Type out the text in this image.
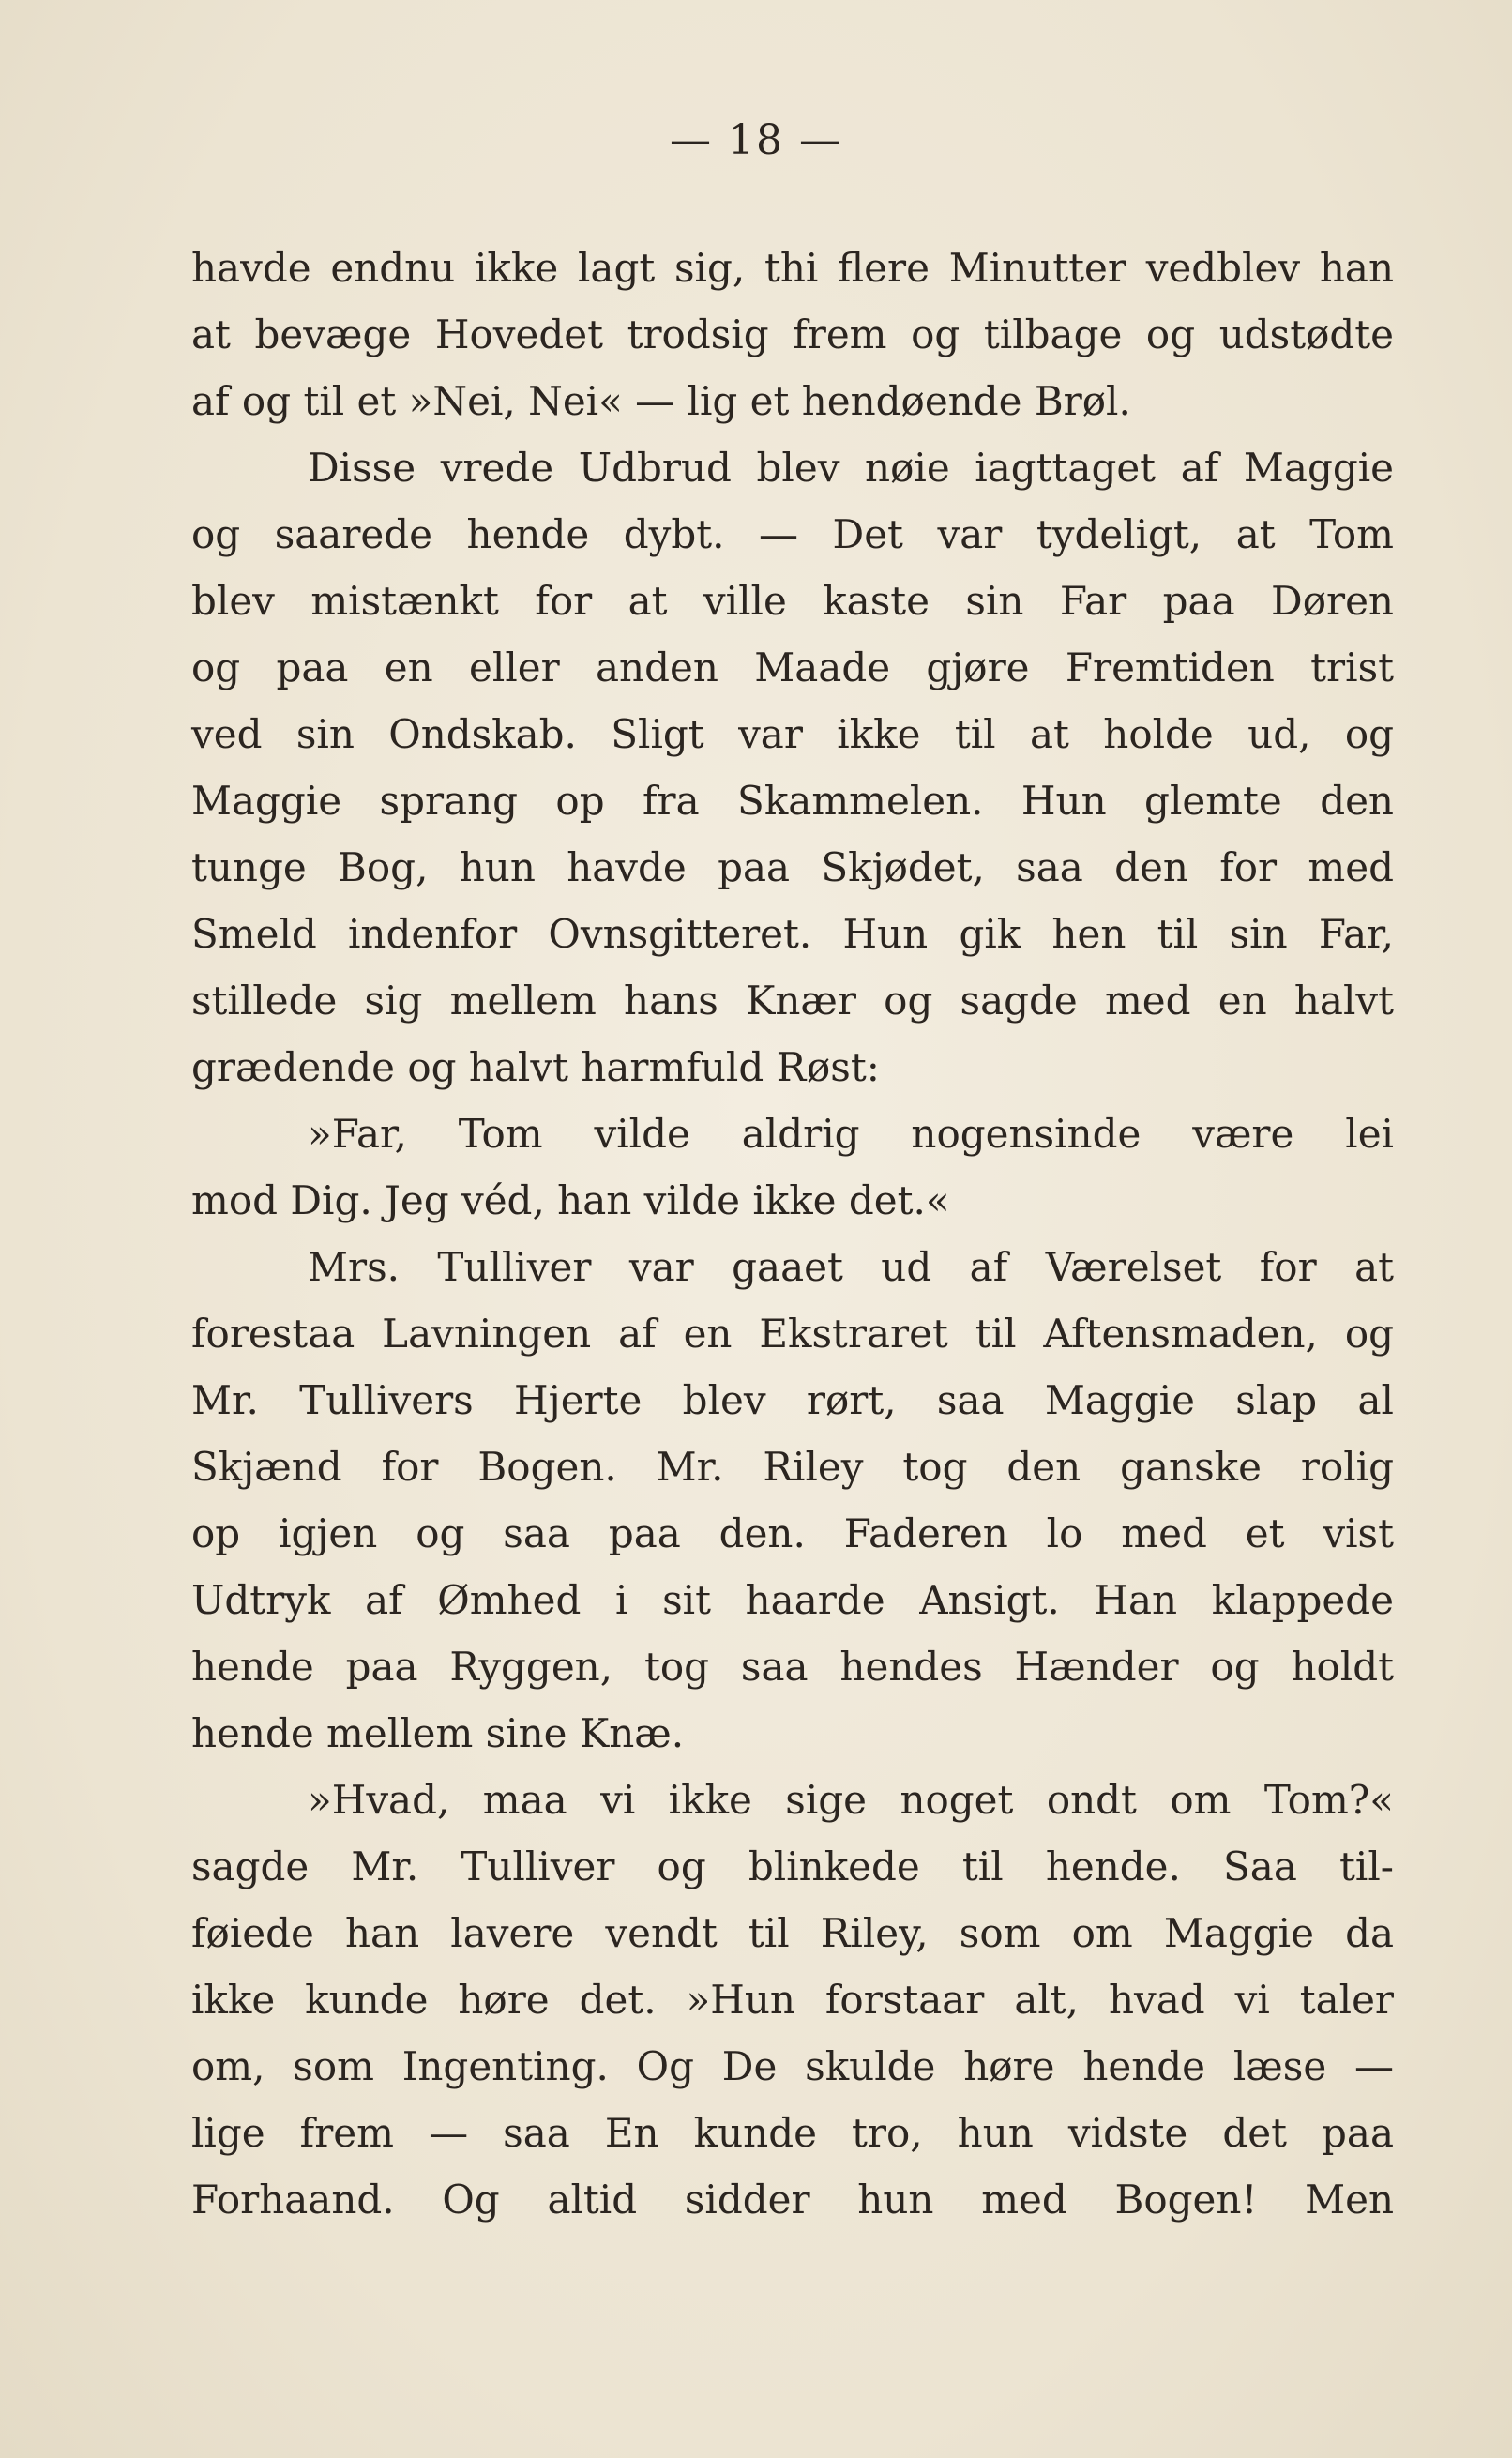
— 18 —
havde endnu ikke lagt sig, thi flere Minutter vedblev han
at bevæge Hovedet trodsig frem og tilbage og udstødte
af og til et »Nei, Nei« — lig et hendøende Brøl.
Disse vrede Udbrud blev nøie iagttaget af Maggie
og saarede hende dybt. — Det var tydeligt, at Tom
blev mistænkt for at ville kaste sin Far paa Døren
og paa en eller anden Maade gjøre Fremtiden trist
ved sin Ondskab. Sligt var ikke til at holde ud, og
Maggie sprang op fra Skammelen. Hun glemte den
tunge Bog, hun havde paa Skjødet, saa den for med
Smeld indenfor Ovnsgitteret. Hun gik hen til sin Far,
stillede sig mellem hans Knær og sagde med en halvt
grædende og halvt harmfuld Røst:
»Far, Tom vilde aldrig nogensinde være lei
mod Dig. Jeg véd, han vilde ikke det.«
Mrs. Tulliver var gaaet ud af Værelset for at
forestaa Lavningen af en Ekstraret til Aftensmaden, og
Mr. Tullivers Hjerte blev rørt, saa Maggie slap al
Skjænd for Bogen. Mr. Riley tog den ganske rolig
op igjen og saa paa den. Faderen lo med et vist
Udtryk af Ømhed i sit haarde Ansigt. Han klappede
hende paa Ryggen, tog saa hendes Hænder og holdt
hende mellem sine Knæ.
»Hvad, maa vi ikke sige noget ondt om Tom?«
sagde Mr. Tulliver og blinkede til hende. Saa til-
føiede han lavere vendt til Riley, som om Maggie da
ikke kunde høre det. »Hun forstaar alt, hvad vi taler
om, som Ingenting. Og De skulde høre hende læse —
lige frem — saa En kunde tro, hun vidste det paa
Forhaand. Og altid sidder hun med Bogen! Men
